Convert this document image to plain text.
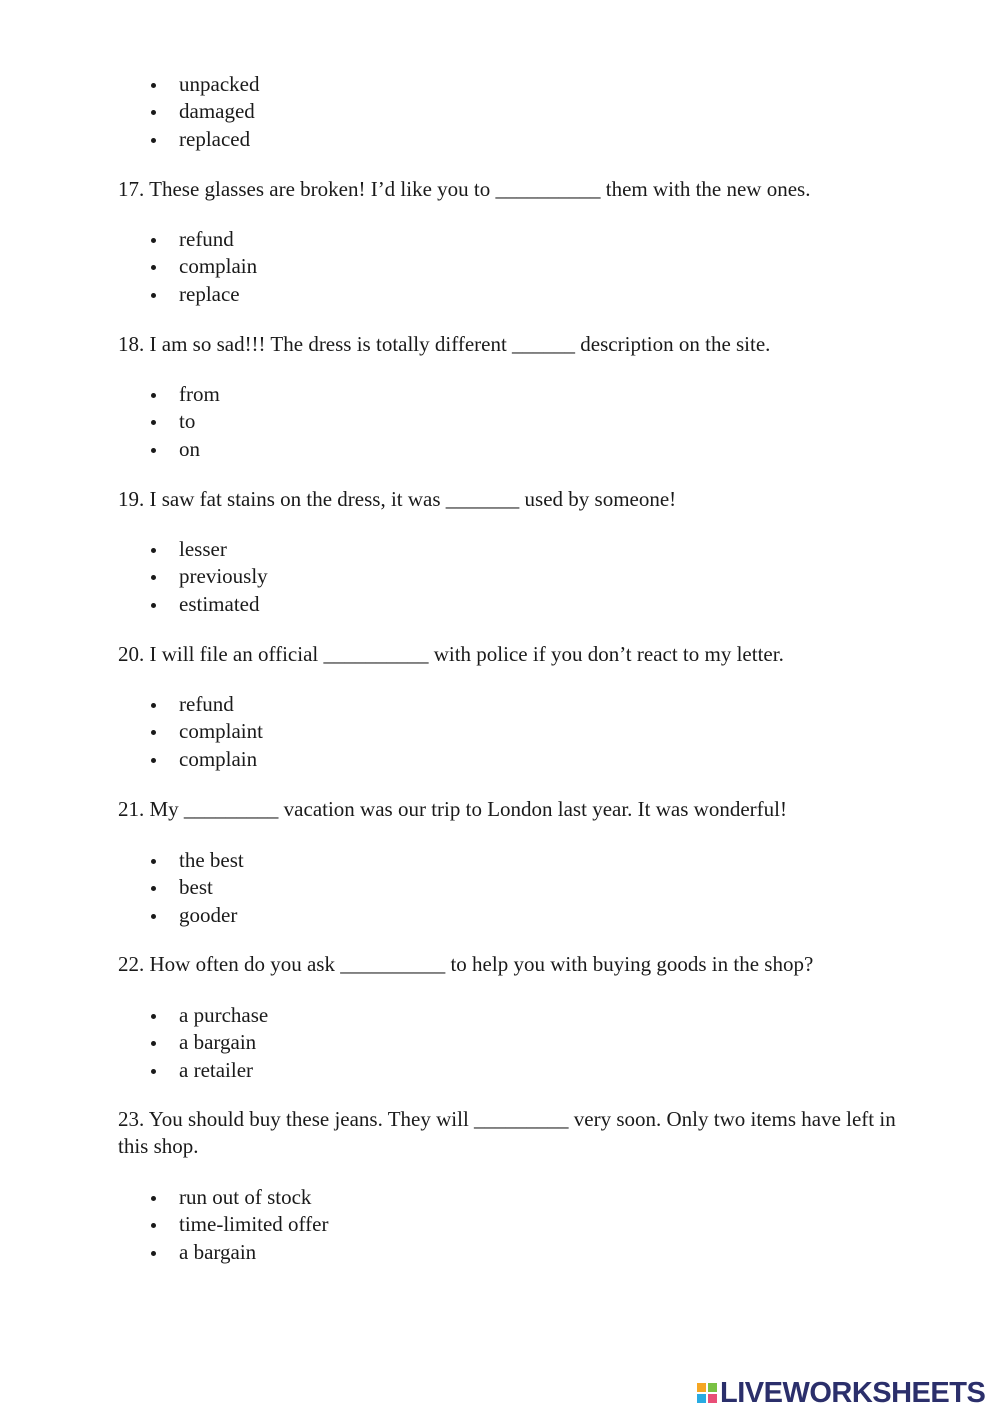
unpacked
damaged
replaced
17. These glasses are broken! I’d like you to __________ them with the new ones.
refund
complain
replace
18. I am so sad!!! The dress is totally different ______ description on the site.
from
to
on
19. I saw fat stains on the dress, it was _______ used by someone!
lesser
previously
estimated
20. I will file an official __________ with police if you don’t react to my letter.
refund
complaint
complain
21. My _________ vacation was our trip to London last year. It was wonderful!
the best
best
gooder
22. How often do you ask __________ to help you with buying goods in the shop?
a purchase
a bargain
a retailer
23. You should buy these jeans. They will _________ very soon. Only two items have left in this shop.
run out of stock
time-limited offer
a bargain
LIVEWORKSHEETS
